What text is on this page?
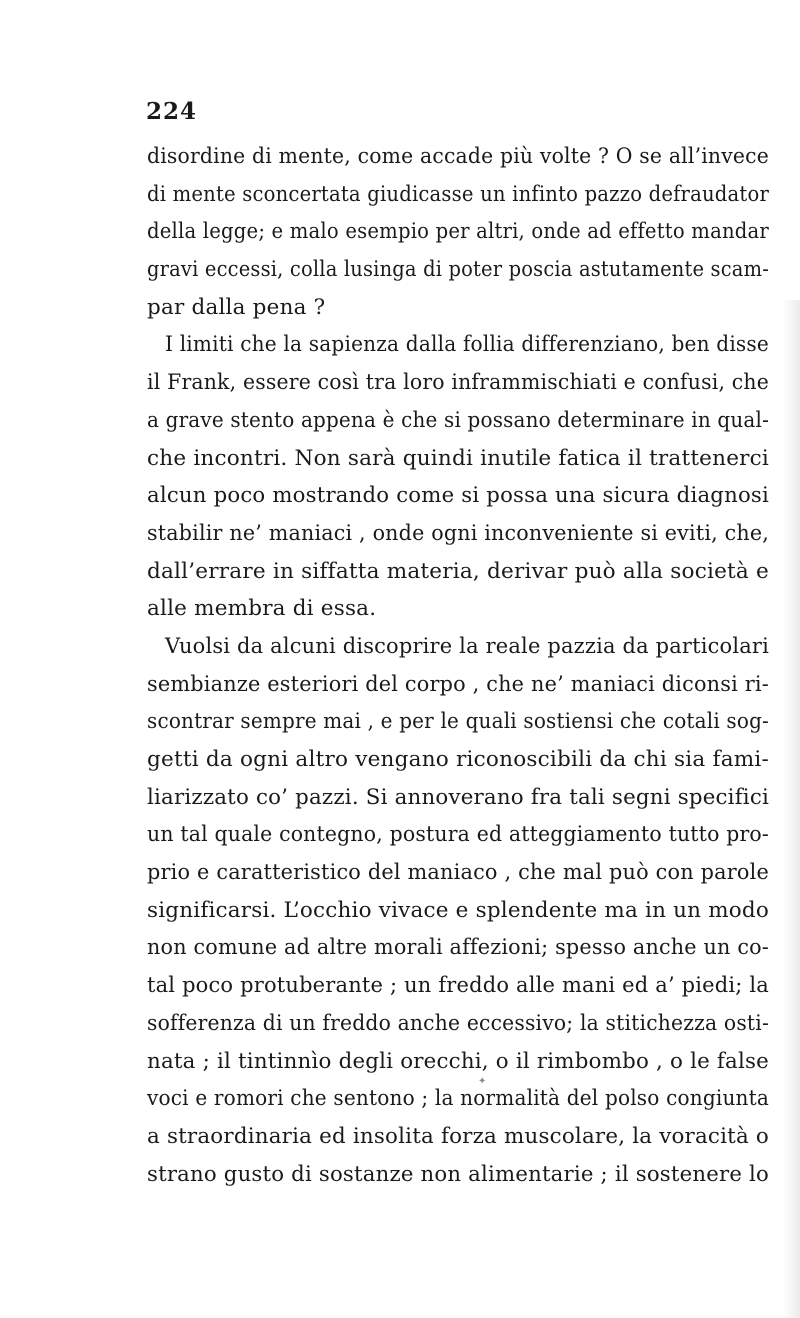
224
disordine di mente, come accade più volte ? O se all’invece
di mente sconcertata giudicasse un infinto pazzo defraudator
della legge; e malo esempio per altri, onde ad effetto mandar
gravi eccessi, colla lusinga di poter poscia astutamente scam-
par dalla pena ?
I limiti che la sapienza dalla follia differenziano, ben disse
il Frank, essere così tra loro inframmischiati e confusi, che
a grave stento appena è che si possano determinare in qual-
che incontri. Non sarà quindi inutile fatica il trattenerci
alcun poco mostrando come si possa una sicura diagnosi
stabilir ne’ maniaci , onde ogni inconveniente si eviti, che,
dall’errare in siffatta materia, derivar può alla società e
alle membra di essa.
Vuolsi da alcuni discoprire la reale pazzia da particolari
sembianze esteriori del corpo , che ne’ maniaci diconsi ri-
scontrar sempre mai , e per le quali sostiensi che cotali sog-
getti da ogni altro vengano riconoscibili da chi sia fami-
liarizzato co’ pazzi. Si annoverano fra tali segni specifici
un tal quale contegno, postura ed atteggiamento tutto pro-
prio e caratteristico del maniaco , che mal può con parole
significarsi. L’occhio vivace e splendente ma in un modo
non comune ad altre morali affezioni; spesso anche un co-
tal poco protuberante ; un freddo alle mani ed a’ piedi; la
sofferenza di un freddo anche eccessivo; la stitichezza osti-
nata ; il tintinnìo degli orecchi, o il rimbombo , o le false
voci e romori che sentono ; la normalità del polso congiunta
a straordinaria ed insolita forza muscolare, la voracità o
strano gusto di sostanze non alimentarie ; il sostenere lo
✦
